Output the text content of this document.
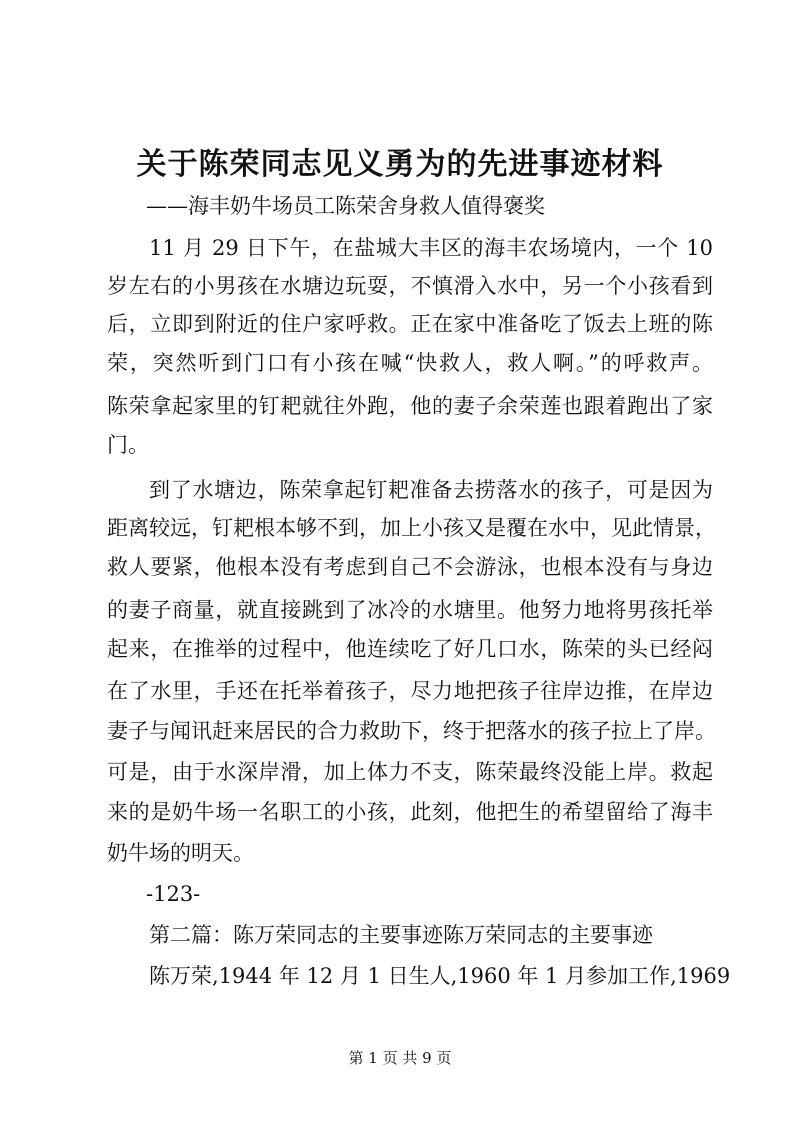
关于陈荣同志见义勇为的先进事迹材料
——海丰奶牛场员工陈荣舍身救人值得褒奖
11 月 29 日下午，在盐城大丰区的海丰农场境内，一个 10
岁左右的小男孩在水塘边玩耍，不慎滑入水中，另一个小孩看到
后，立即到附近的住户家呼救。正在家中准备吃了饭去上班的陈
荣，突然听到门口有小孩在喊“快救人，救人啊。”的呼救声。
陈荣拿起家里的钉耙就往外跑，他的妻子余荣莲也跟着跑出了家
门。
到了水塘边，陈荣拿起钉耙准备去捞落水的孩子，可是因为
距离较远，钉耙根本够不到，加上小孩又是覆在水中，见此情景，
救人要紧，他根本没有考虑到自己不会游泳，也根本没有与身边
的妻子商量，就直接跳到了冰冷的水塘里。他努力地将男孩托举
起来，在推举的过程中，他连续吃了好几口水，陈荣的头已经闷
在了水里，手还在托举着孩子，尽力地把孩子往岸边推，在岸边
妻子与闻讯赶来居民的合力救助下，终于把落水的孩子拉上了岸。
可是，由于水深岸滑，加上体力不支，陈荣最终没能上岸。救起
来的是奶牛场一名职工的小孩，此刻，他把生的希望留给了海丰
奶牛场的明天。
-123-
第二篇：陈万荣同志的主要事迹陈万荣同志的主要事迹
陈万荣,1944 年 12 月 1 日生人,1960 年 1 月参加工作,1969
第 1 页 共 9 页
